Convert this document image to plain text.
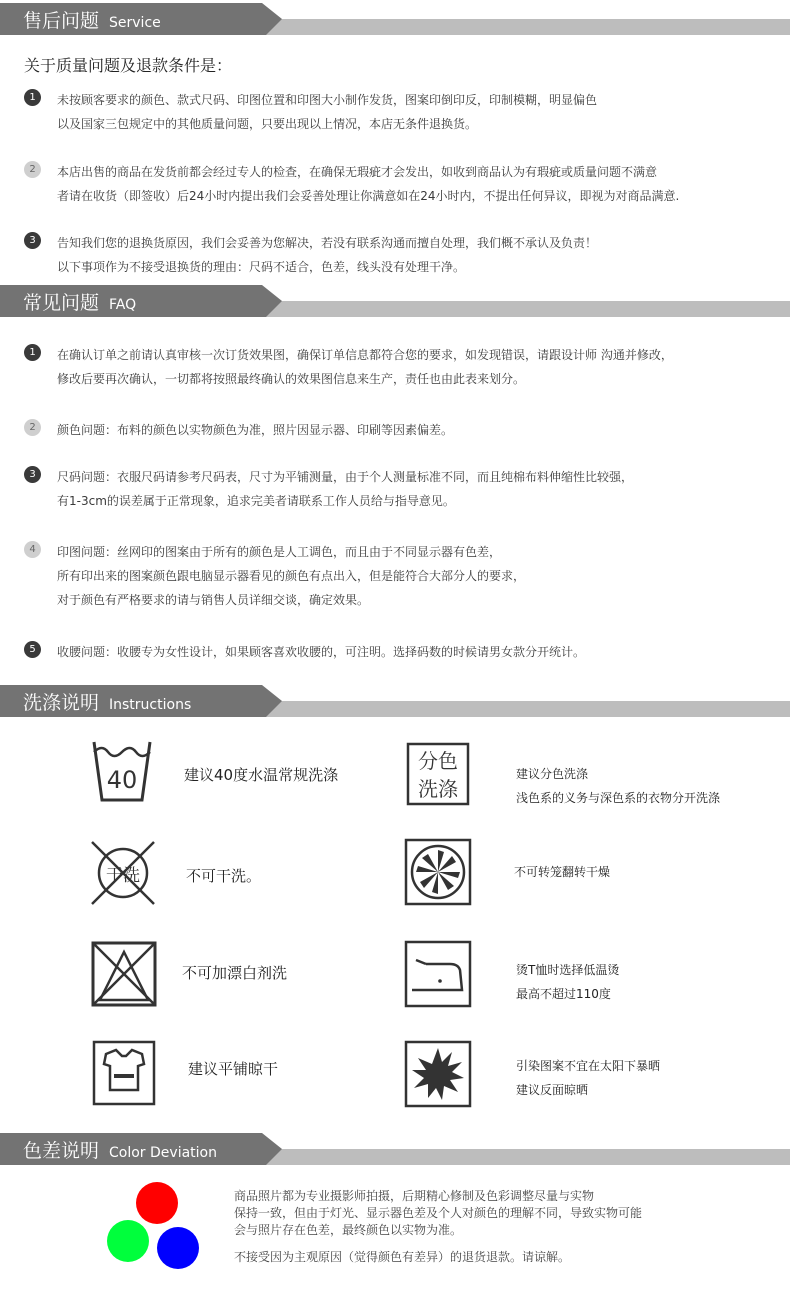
售后问题 Service
关于质量问题及退款条件是：
1	未按顾客要求的颜色、款式尺码、印图位置和印图大小制作发货，图案印倒印反，印制模糊，明显偏色
以及国家三包规定中的其他质量问题，只要出现以上情况，本店无条件退换货。
2	本店出售的商品在发货前都会经过专人的检查，在确保无瑕疵才会发出，如收到商品认为有瑕疵或质量问题不满意
者请在收货（即签收）后24小时内提出我们会妥善处理让你满意如在24小时内，不提出任何异议，即视为对商品满意.
3	告知我们您的退换货原因，我们会妥善为您解决，若没有联系沟通而擅自处理，我们概不承认及负责！
以下事项作为不接受退换货的理由：尺码不适合，色差，线头没有处理干净。
常见问题 FAQ
1	在确认订单之前请认真审核一次订货效果图，确保订单信息都符合您的要求，如发现错误，请跟设计师 沟通并修改，
修改后要再次确认，一切都将按照最终确认的效果图信息来生产，责任也由此表来划分。
2	颜色问题：布料的颜色以实物颜色为准，照片因显示器、印刷等因素偏差。
3	尺码问题：衣服尺码请参考尺码表，尺寸为平铺测量，由于个人测量标准不同，而且纯棉布料伸缩性比较强，
有1-3cm的误差属于正常现象，追求完美者请联系工作人员给与指导意见。
4	印图问题：丝网印的图案由于所有的颜色是人工调色，而且由于不同显示器有色差，
所有印出来的图案颜色跟电脑显示器看见的颜色有点出入，但是能符合大部分人的要求，
对于颜色有严格要求的请与销售人员详细交谈，确定效果。
5	收腰问题：收腰专为女性设计，如果顾客喜欢收腰的，可注明。选择码数的时候请男女款分开统计。
洗涤说明 Instructions
40	建议40度水温常规洗涤
分色
洗涤
建议分色洗涤
浅色系的义务与深色系的衣物分开洗涤
干洗	不可干洗。	不可转笼翻转干燥
不可加漂白剂洗	烫T恤时选择低温烫
最高不超过110度
建议平铺晾干	引染图案不宜在太阳下暴晒
建议反面晾晒
色差说明 Color Deviation
商品照片都为专业摄影师拍摄，后期精心修制及色彩调整尽量与实物
保持一致，但由于灯光、显示器色差及个人对颜色的理解不同，导致实物可能
会与照片存在色差，最终颜色以实物为准。
不接受因为主观原因（觉得颜色有差异）的退货退款。请谅解。
